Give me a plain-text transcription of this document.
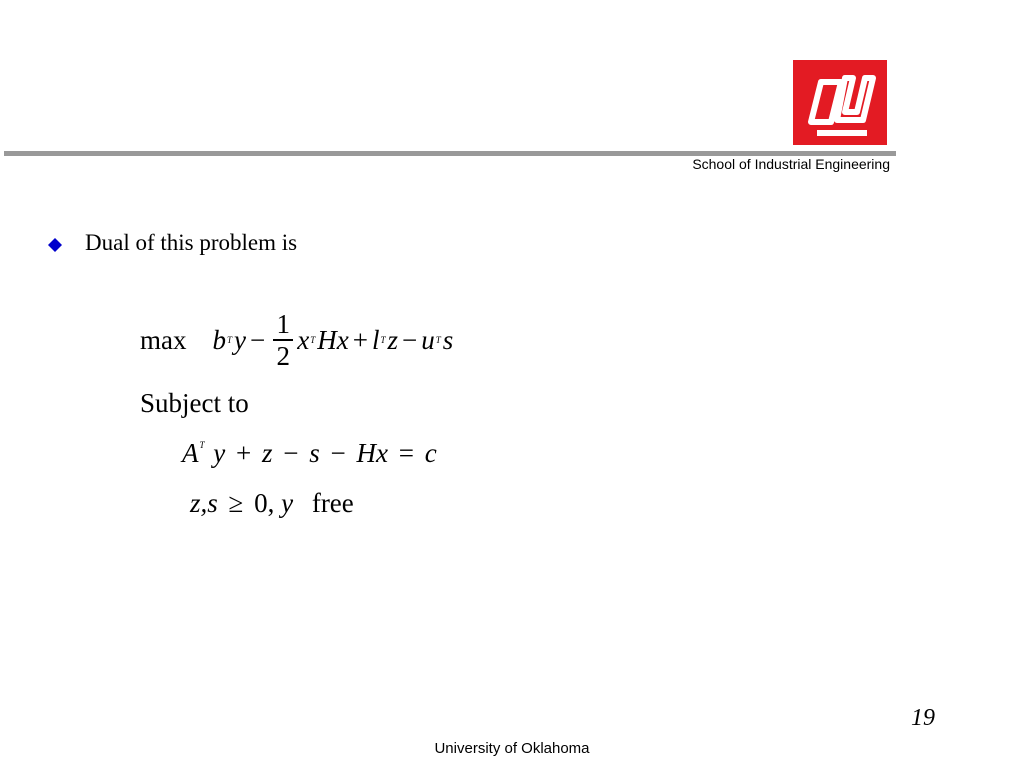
School of Industrial Engineering
Dual of this problem is
max b T $y - \frac{1}{2}$ x T Hx + l T z − u T s
Subject to
$A^T$ y + z − s − Hx = c
z,s ≥ 0, y free
19
University of Oklahoma
